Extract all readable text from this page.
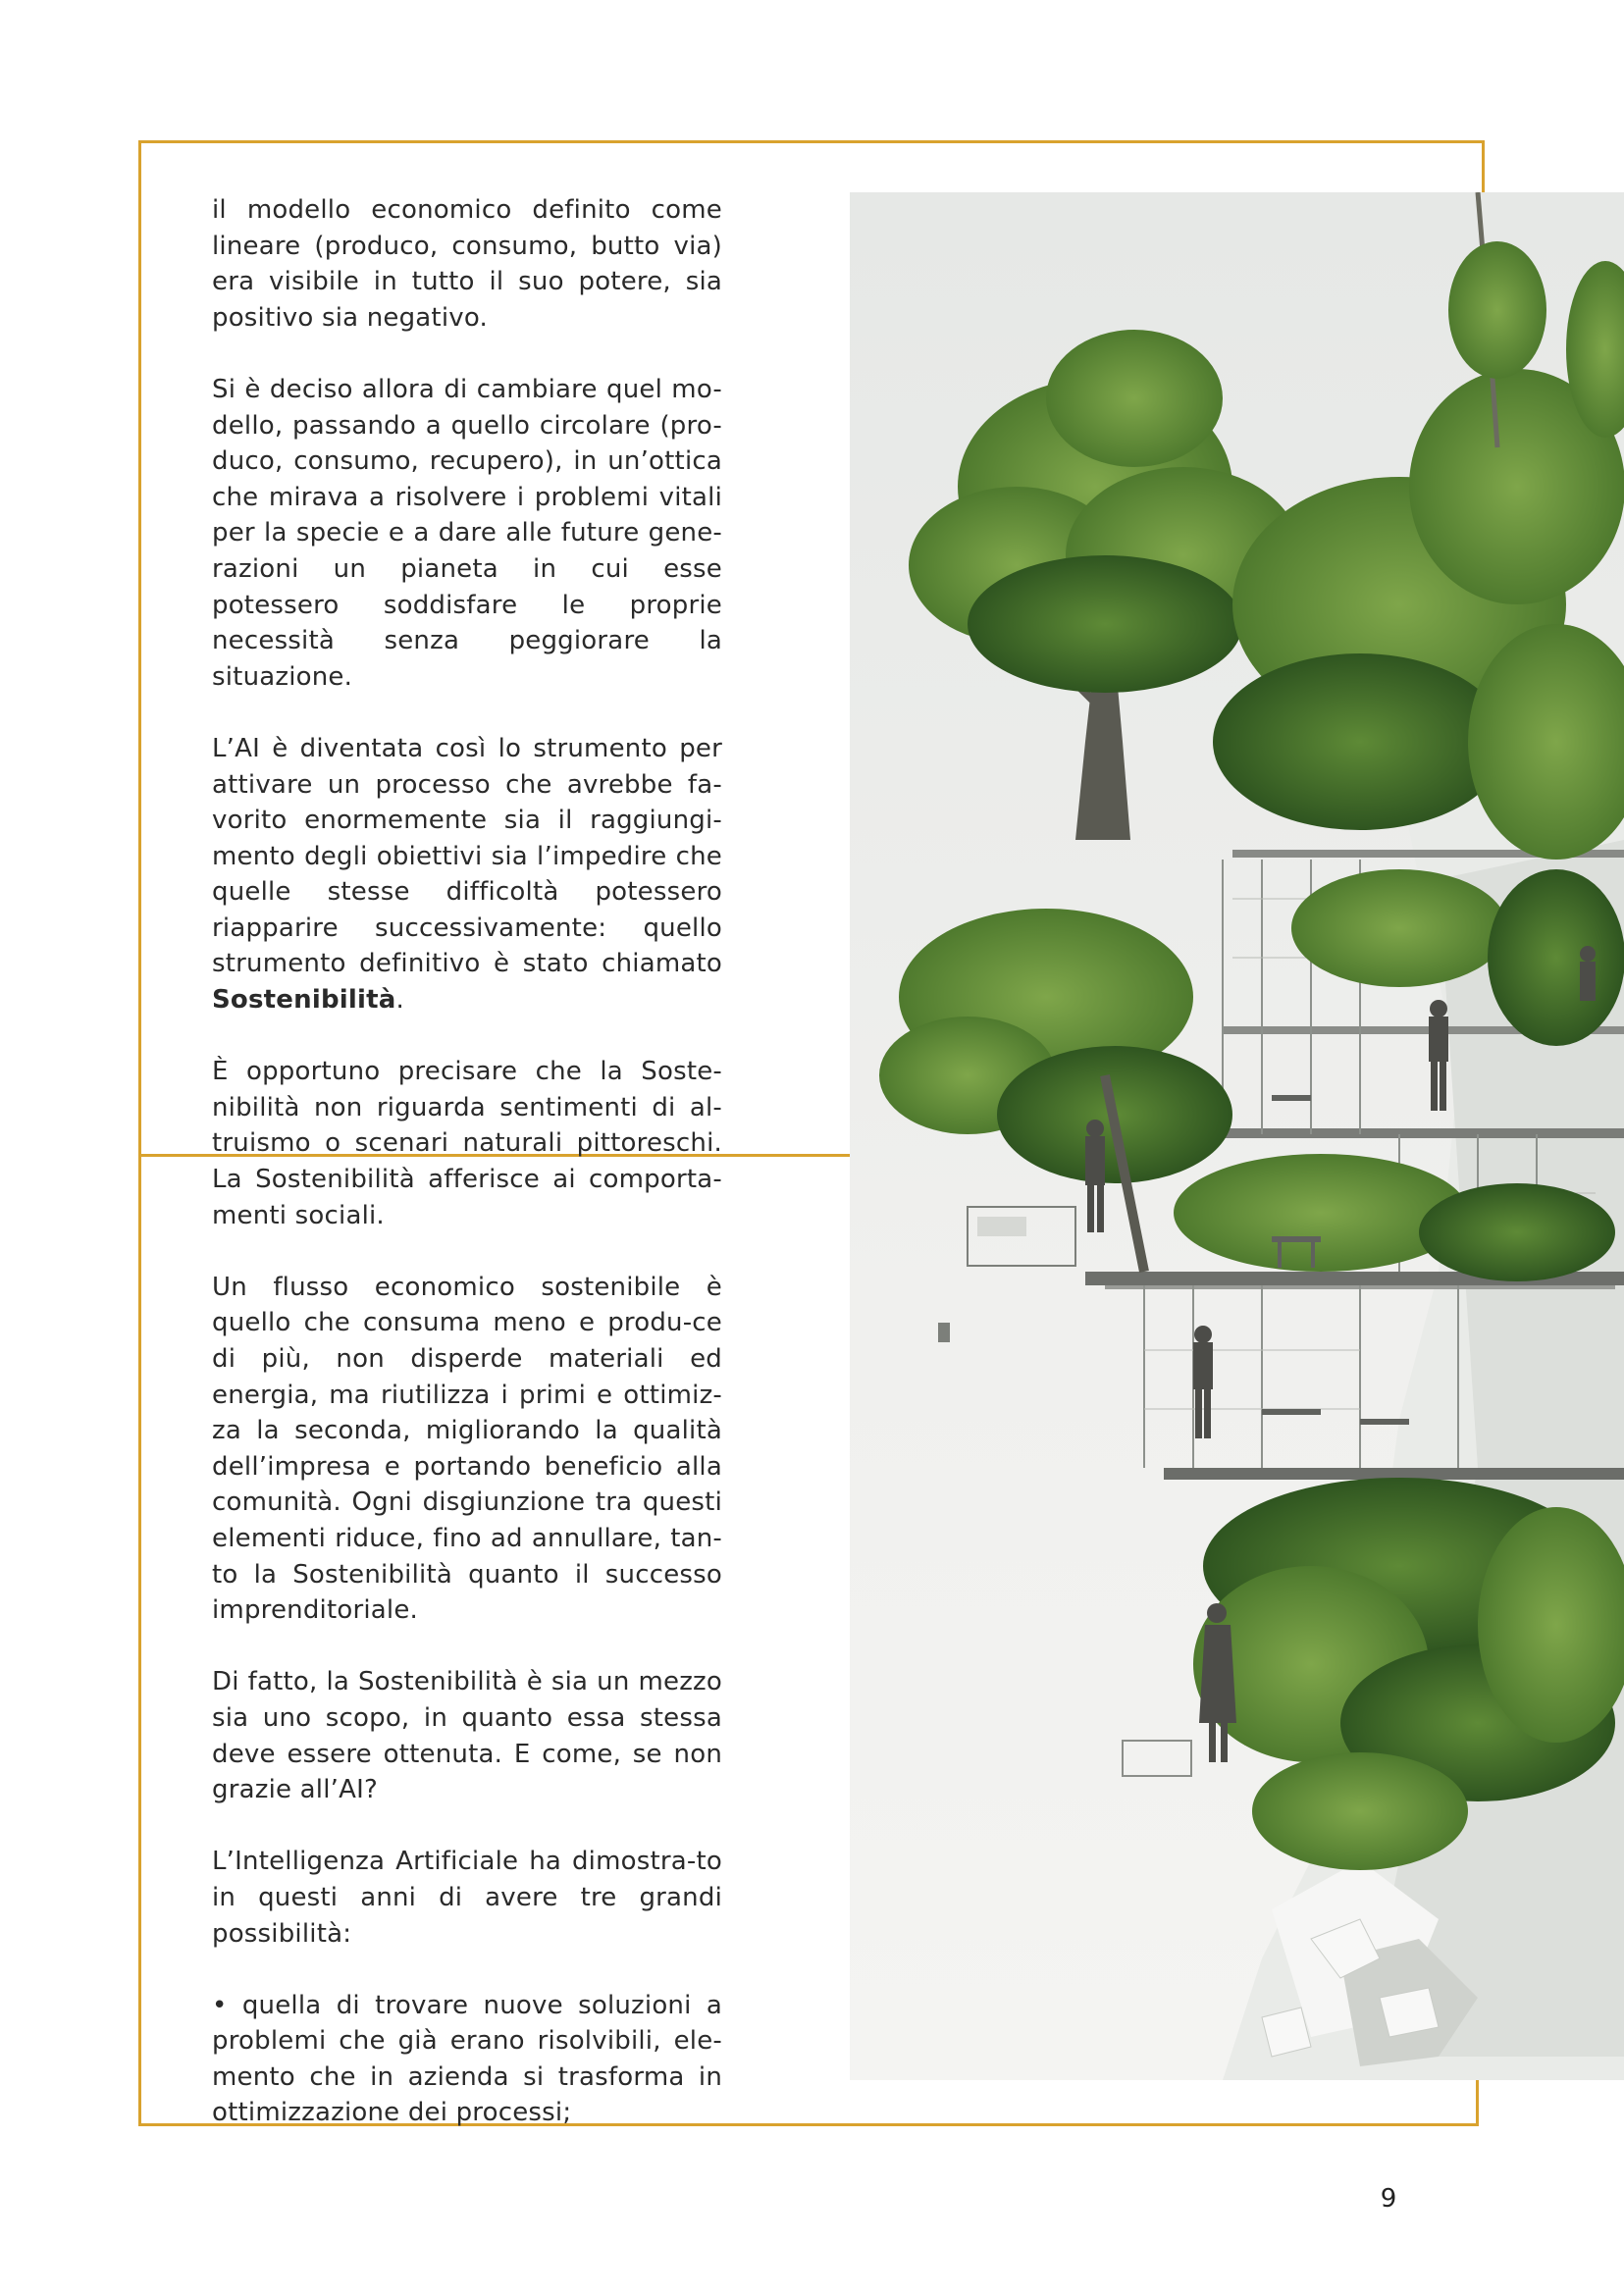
il modello economico definito come lineare (produco, consumo, butto via) era visibile in tutto il suo potere, sia positivo sia negativo.

Si è deciso allora di cambiare quel mo-dello, passando a quello circolare (pro-duco, consumo, recupero), in un’ottica che mirava a risolvere i problemi vitali per la specie e a dare alle future gene-razioni un pianeta in cui esse potessero soddisfare le proprie necessità senza peggiorare la situazione.

L’AI è diventata così lo strumento per attivare un processo che avrebbe fa-vorito enormemente sia il raggiungi-mento degli obiettivi sia l’impedire che quelle stesse difficoltà potessero riapparire successivamente: quello strumento definitivo è stato chiamato Sostenibilità.

È opportuno precisare che la Soste-nibilità non riguarda sentimenti di al-truismo o scenari naturali pittoreschi. La Sostenibilità afferisce ai comporta-menti sociali.

Un flusso economico sostenibile è quello che consuma meno e produ-ce di più, non disperde materiali ed energia, ma riutilizza i primi e ottimiz-za la seconda, migliorando la qualità dell’impresa e portando beneficio alla comunità. Ogni disgiunzione tra questi elementi riduce, fino ad annullare, tan-to la Sostenibilità quanto il successo imprenditoriale.

Di fatto, la Sostenibilità è sia un mezzo sia uno scopo, in quanto essa stessa deve essere ottenuta. E come, se non grazie all’AI?

L’Intelligenza Artificiale ha dimostra-to in questi anni di avere tre grandi possibilità:

• quella di trovare nuove soluzioni a problemi che già erano risolvibili, ele-mento che in azienda si trasforma in ottimizzazione dei processi;

9
